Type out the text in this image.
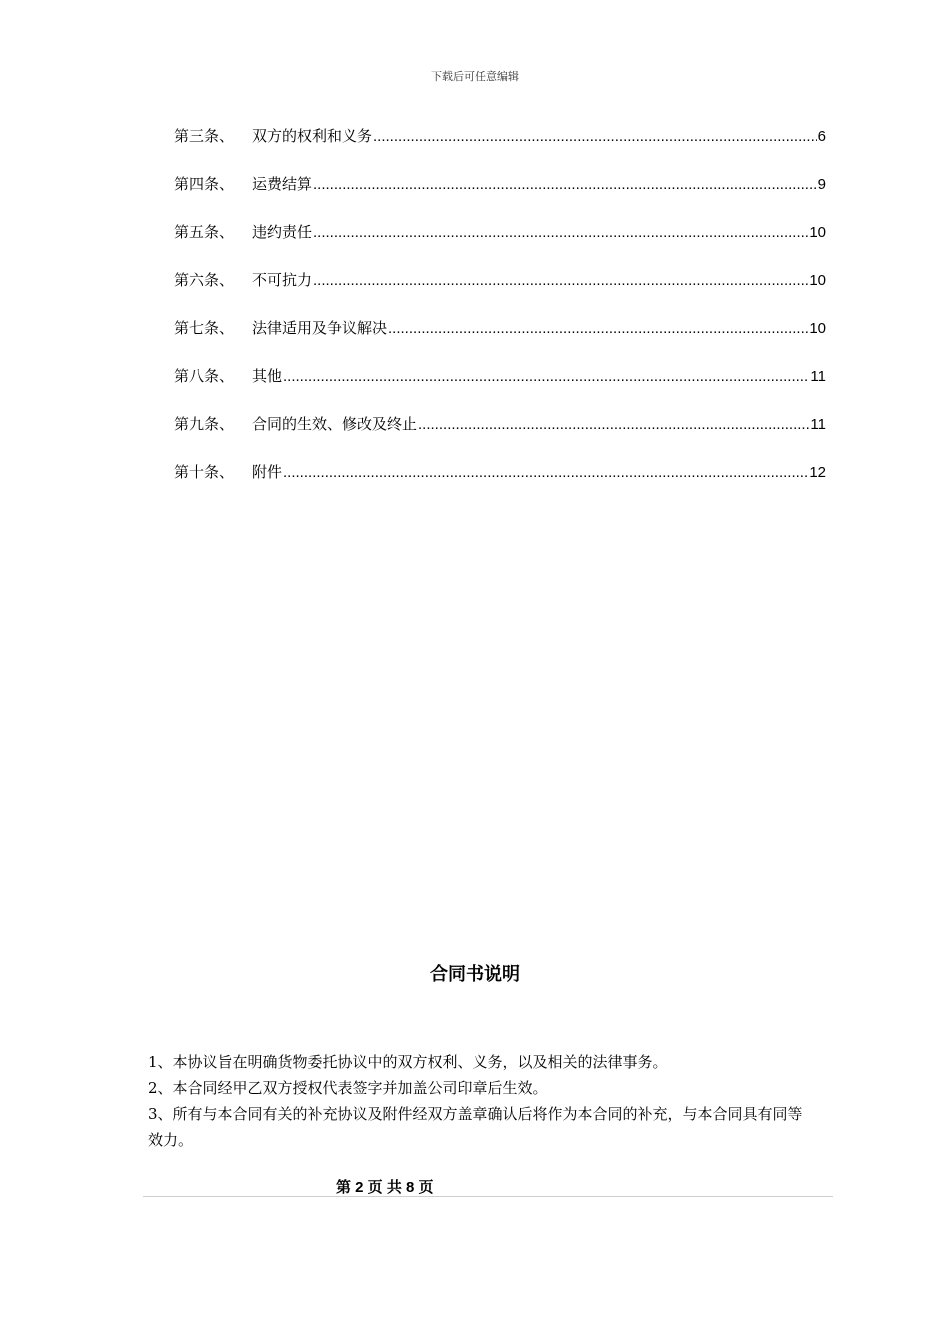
下载后可任意编辑
第三条、	双方的权利和义务 .....	6
第四条、	运费结算 .....	9
第五条、	违约责任 .....	10
第六条、	不可抗力 .....	10
第七条、	法律适用及争议解决 .....	10
第八条、	其他 .....	11
第九条、	合同的生效、修改及终止 .....	11
第十条、	附件 .....	12
合同书说明

1、本协议旨在明确货物委托协议中的双方权利、义务，以及相关的法律事务。

2、本合同经甲乙双方授权代表签字并加盖公司印章后生效。

3、所有与本合同有关的补充协议及附件经双方盖章确认后将作为本合同的补充，与本合同具有同等效力。

第 2 页 共 8 页
